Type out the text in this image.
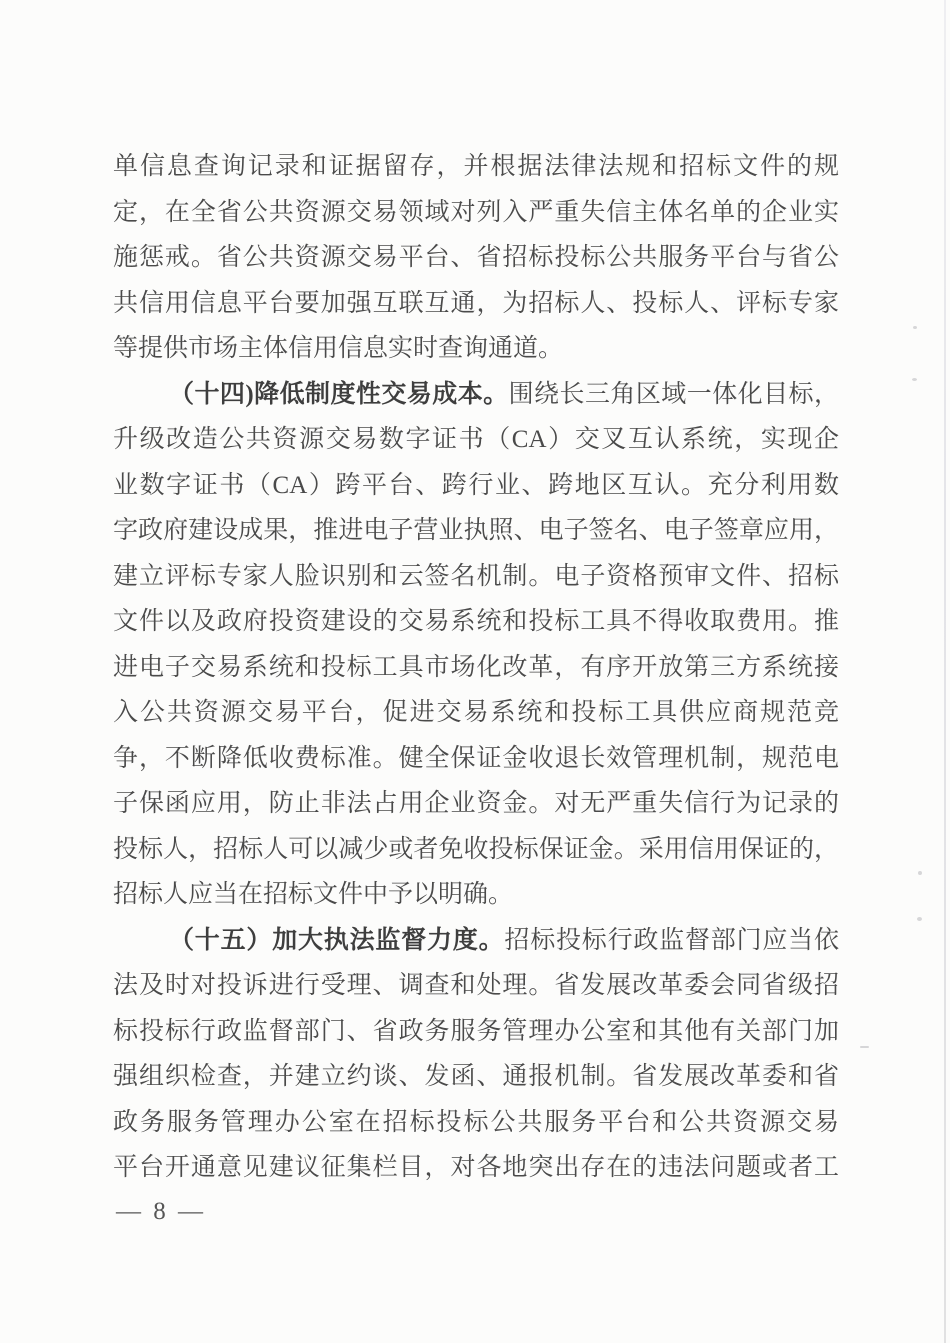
单信息查询记录和证据留存，并根据法律法规和招标文件的规
定，在全省公共资源交易领域对列入严重失信主体名单的企业实
施惩戒。省公共资源交易平台、省招标投标公共服务平台与省公
共信用信息平台要加强互联互通，为招标人、投标人、评标专家
等提供市场主体信用信息实时查询通道。
（十四)降低制度性交易成本。围绕长三角区域一体化目标，
升级改造公共资源交易数字证书（CA）交叉互认系统，实现企
业数字证书（CA）跨平台、跨行业、跨地区互认。充分利用数
字政府建设成果，推进电子营业执照、电子签名、电子签章应用，
建立评标专家人脸识别和云签名机制。电子资格预审文件、招标
文件以及政府投资建设的交易系统和投标工具不得收取费用。推
进电子交易系统和投标工具市场化改革，有序开放第三方系统接
入公共资源交易平台，促进交易系统和投标工具供应商规范竞
争，不断降低收费标准。健全保证金收退长效管理机制，规范电
子保函应用，防止非法占用企业资金。对无严重失信行为记录的
投标人，招标人可以减少或者免收投标保证金。采用信用保证的，
招标人应当在招标文件中予以明确。
（十五）加大执法监督力度。招标投标行政监督部门应当依
法及时对投诉进行受理、调查和处理。省发展改革委会同省级招
标投标行政监督部门、省政务服务管理办公室和其他有关部门加
强组织检查，并建立约谈、发函、通报机制。省发展改革委和省
政务服务管理办公室在招标投标公共服务平台和公共资源交易
平台开通意见建议征集栏目，对各地突出存在的违法问题或者工
— 8 —
